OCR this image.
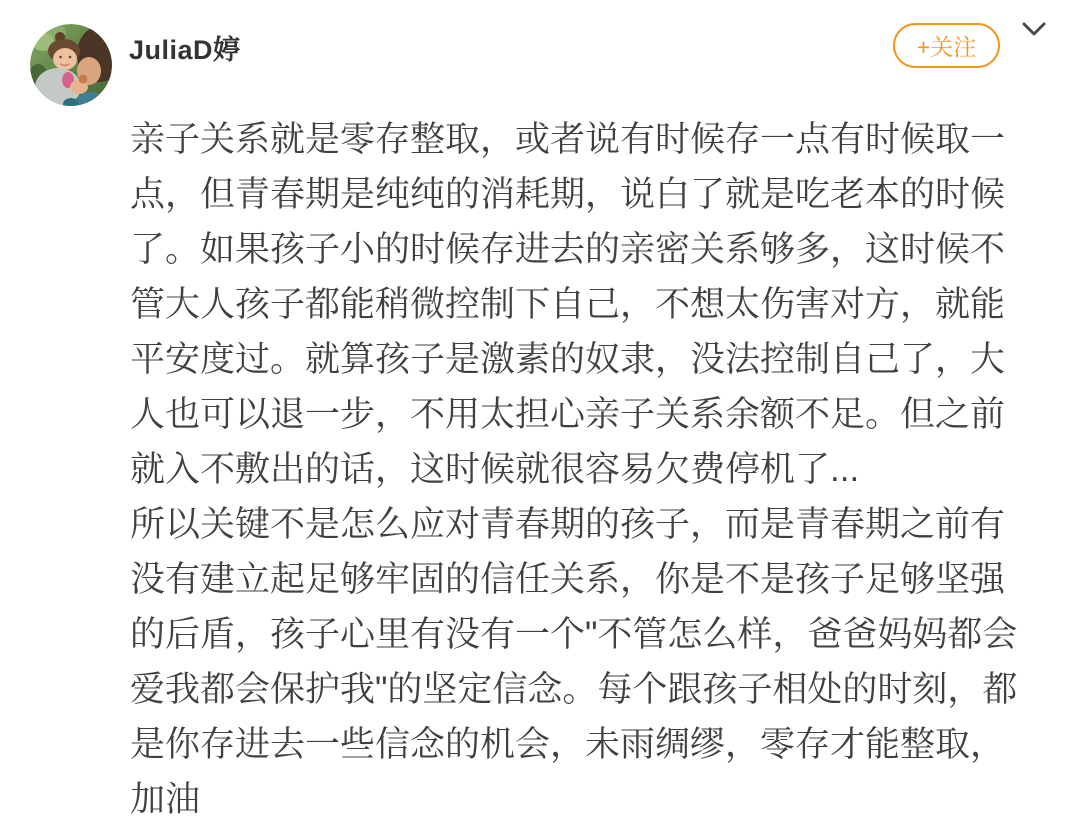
JuliaD婷	+关注

亲子关系就是零存整取，或者说有时候存一点有时候取一点，但青春期是纯纯的消耗期，说白了就是吃老本的时候了。如果孩子小的时候存进去的亲密关系够多，这时候不管大人孩子都能稍微控制下自己，不想太伤害对方，就能平安度过。就算孩子是激素的奴隶，没法控制自己了，大人也可以退一步，不用太担心亲子关系余额不足。但之前就入不敷出的话，这时候就很容易欠费停机了...

所以关键不是怎么应对青春期的孩子，而是青春期之前有没有建立起足够牢固的信任关系，你是不是孩子足够坚强的后盾，孩子心里有没有一个"不管怎么样，爸爸妈妈都会爱我都会保护我"的坚定信念。每个跟孩子相处的时刻，都是你存进去一些信念的机会，未雨绸缪，零存才能整取，加油
